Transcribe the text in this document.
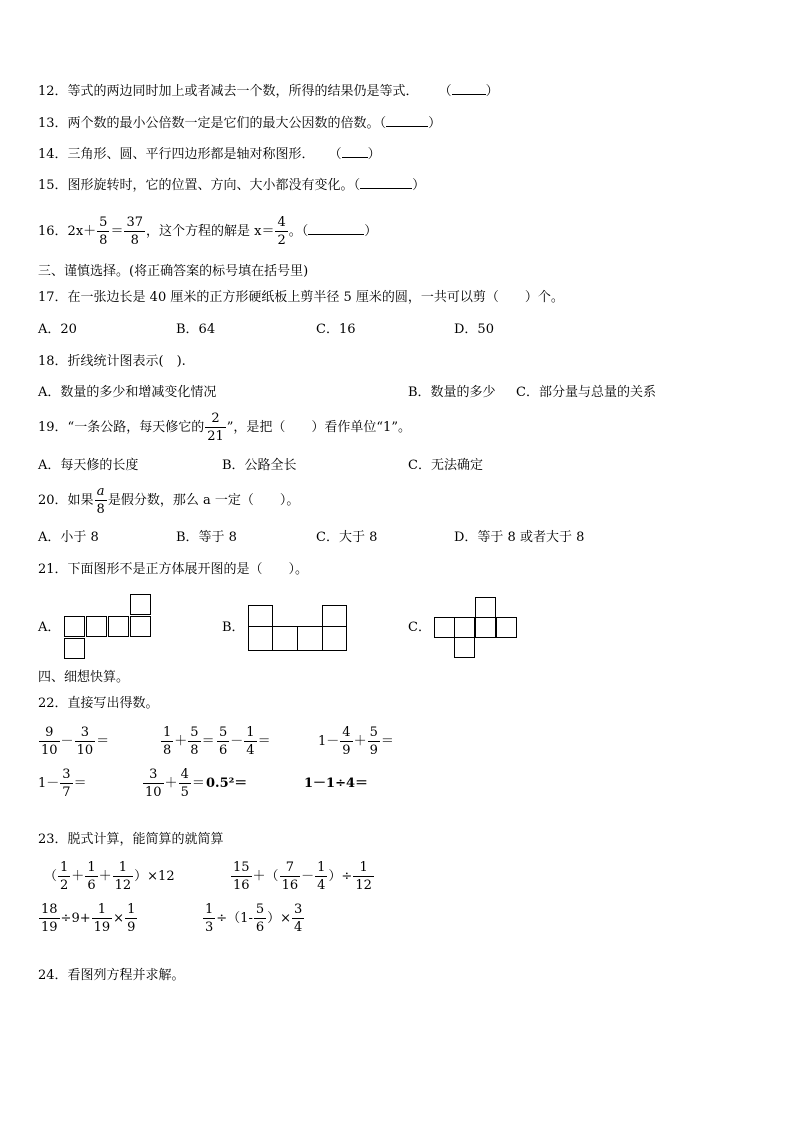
12．等式的两边同时加上或者减去一个数，所得的结果仍是等式． （	）
13．两个数的最小公倍数一定是它们的最大公因数的倍数。（	）
14．三角形、圆、平行四边形都是轴对称图形． （ ）
15．图形旋转时，它的位置、方向、大小都没有变化。（	）
16．$2x+ \frac{5}{8} = \frac{37}{8}$ ，这个方程的解是 $x= \frac{4}{2}$ 。（	）
三、谨慎选择。(将正确答案的标号填在括号里)
17．在一张边长是 40 厘米的正方形硬纸板上剪半径 5 厘米的圆，一共可以剪（　　）个。
A．20	B．64	C．16	D．50
18．折线统计图表示(　).
A．数量的多少和增减变化情况	B．数量的多少 C．部分量与总量的关系
19．“一条公路，每天修它的 $\frac{2}{21}$ ”，是把（　　）看作单位“1”。
A．每天修的长度	B．公路全长	C．无法确定
20．如果 $\frac{a}{8}$ 是假分数，那么 a 一定（　　）。
A．小于 8	B．等于 8	C．大于 8	D．等于 8 或者大于 8
21．下面图形不是正方体展开图的是（　　）。
A．	B．	C．
四、细想快算。
22．直接写出得数。
$\frac{9}{10} - \frac{3}{10}$ ＝	$\frac{1}{8} + \frac{5}{8} = \frac{5}{6} - \frac{1}{4}$ ＝	$1- \frac{4}{9} + \frac{5}{9}$ ＝
$1- \frac{3}{7}$ ＝	$\frac{3}{10} + \frac{4}{5} = 0.5^2=$	1－1÷4＝
23．脱式计算，能简算的就简算
（ $\frac{1}{2} + \frac{1}{6} + \frac{1}{12} )\times 12$	$\frac{15}{16}$ ＋（ $\frac{7}{16} - \frac{1}{4}$ ）÷ $\frac{1}{12}$
$\frac{18}{19} \div 9+ \frac{1}{19} \times \frac{1}{9}$	$\frac{1}{3} \div(1- \frac{5}{6}$ ）× $\frac{3}{4}$
24．看图列方程并求解。
